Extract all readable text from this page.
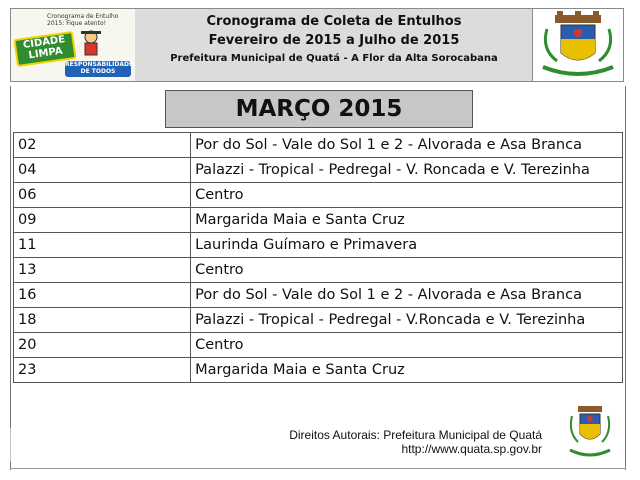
Cronograma de Entulho 2015: Fique atento!
CIDADE LIMPA
RESPONSABILIDADE DE TODOS
Cronograma de Coleta de Entulhos
Fevereiro de 2015 a Julho de 2015
Prefeitura Municipal de Quatá - A Flor da Alta Sorocabana
MARÇO 2015
02	Por do Sol - Vale do Sol 1 e 2 - Alvorada e Asa Branca
04	Palazzi - Tropical - Pedregal - V. Roncada e V. Terezinha
06	Centro
09	Margarida Maia e Santa Cruz
11	Laurinda Guímaro e Primavera
13	Centro
16	Por do Sol - Vale do Sol 1 e 2 - Alvorada e Asa Branca
18	Palazzi - Tropical - Pedregal - V.Roncada e V. Terezinha
20	Centro
23	Margarida Maia e Santa Cruz
Direitos Autorais: Prefeitura Municipal de Quatá
http://www.quata.sp.gov.br
